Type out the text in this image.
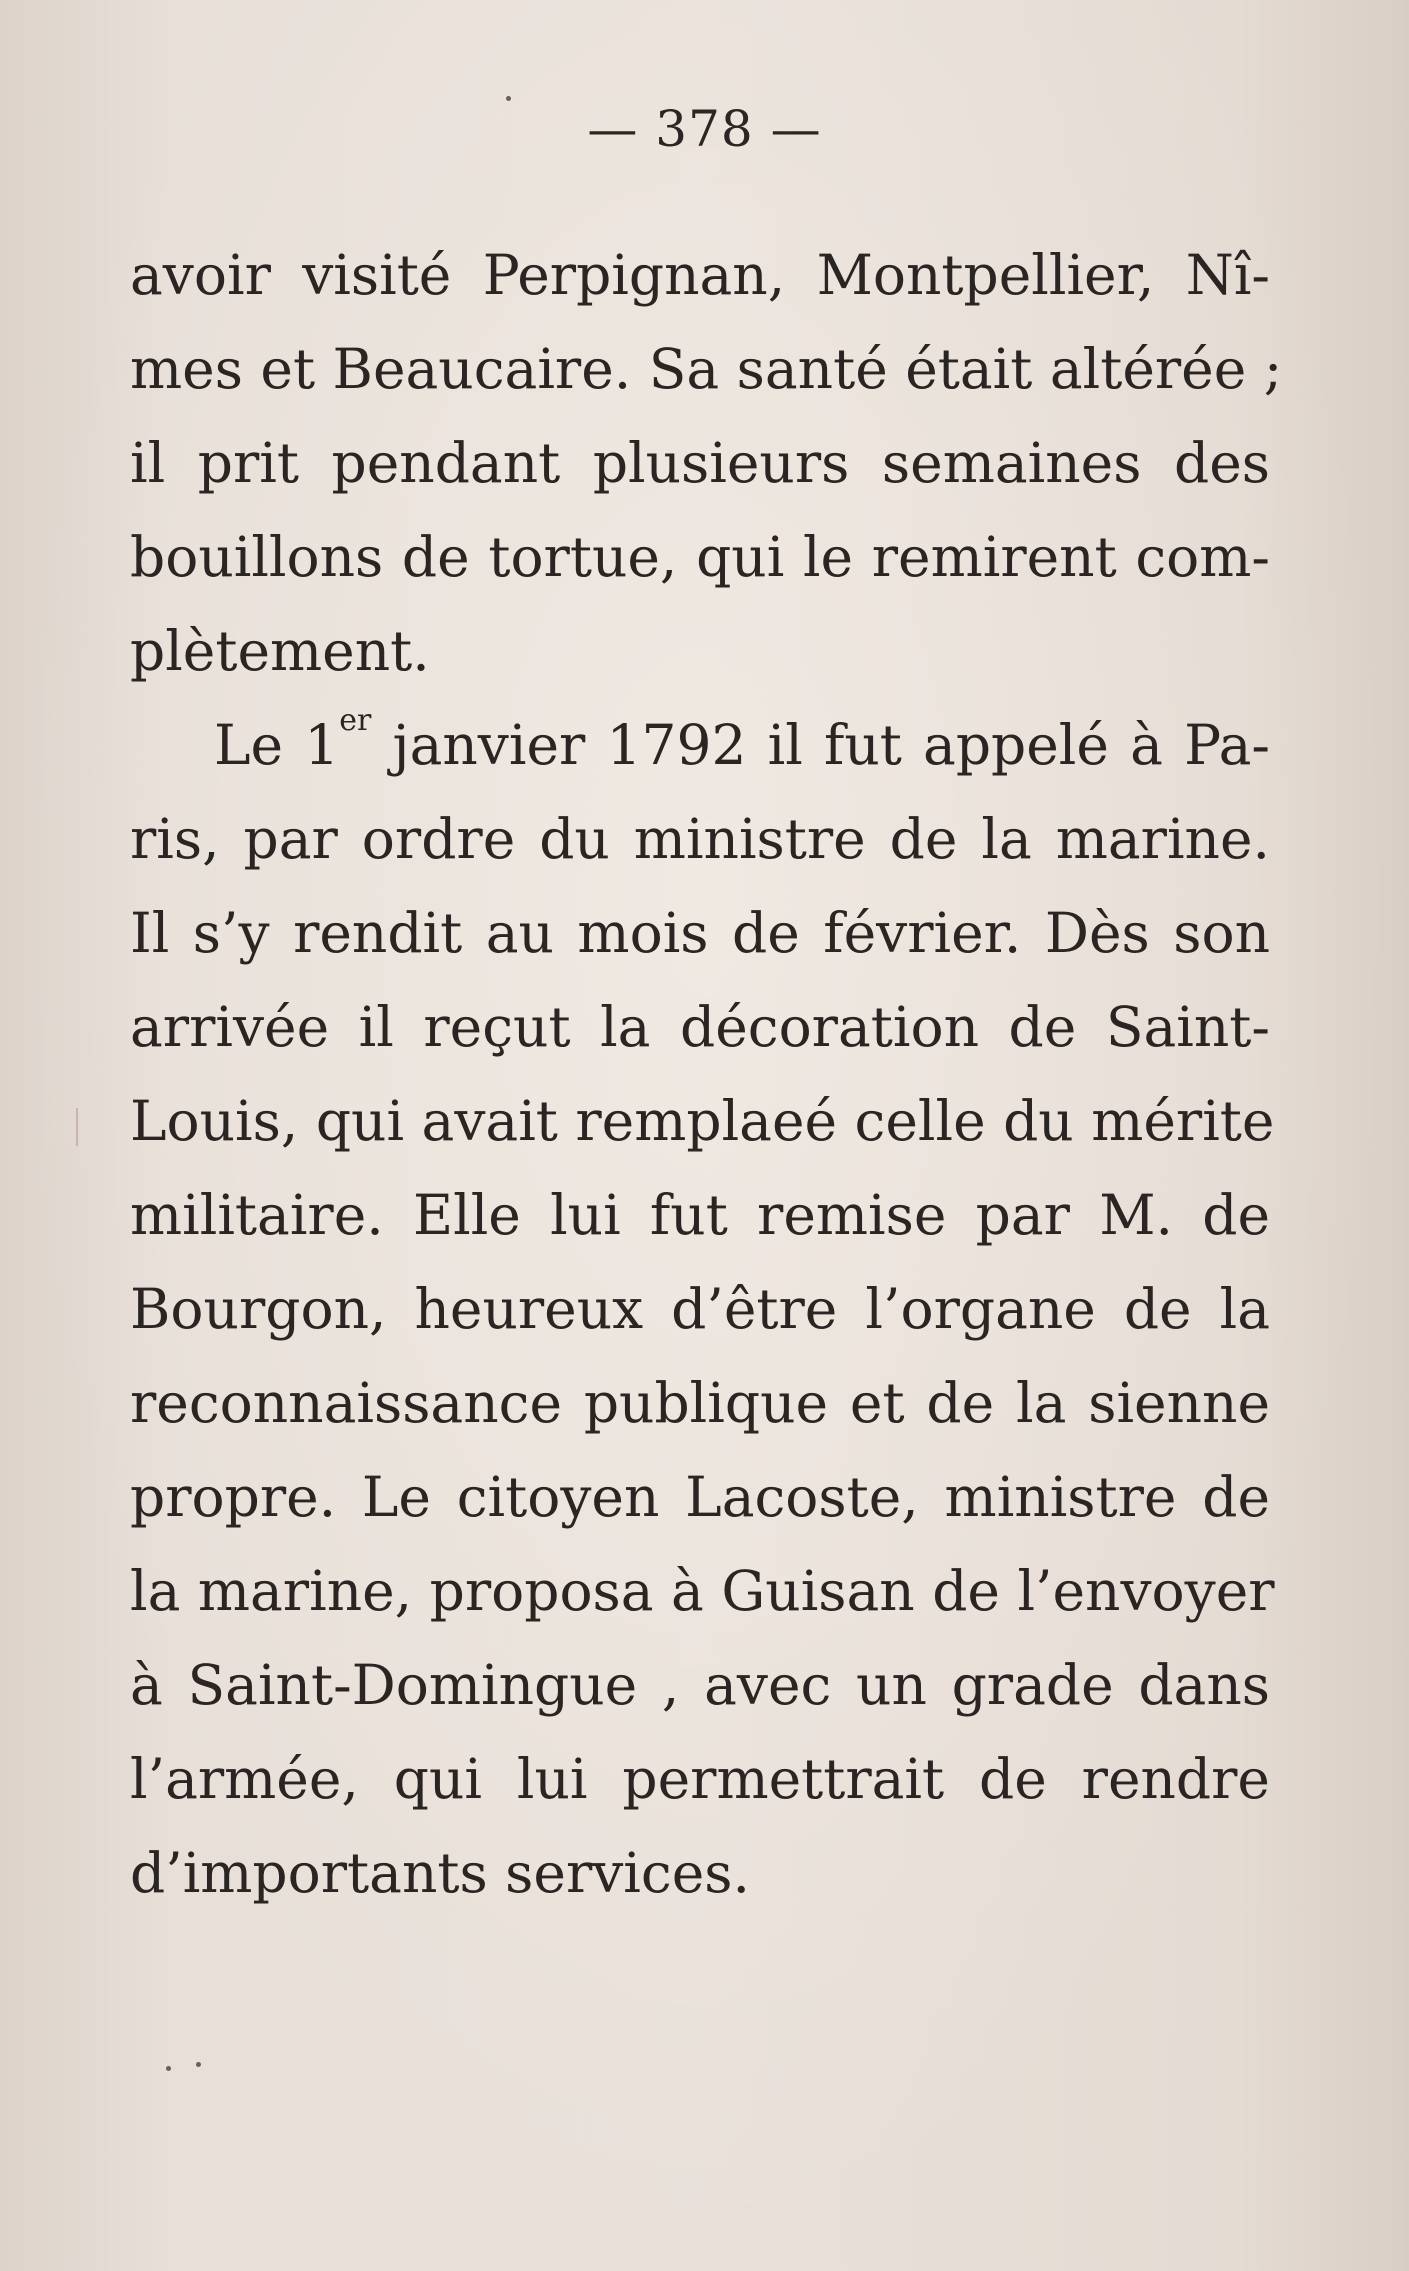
— 378 —
avoir visité Perpignan, Montpellier, Nî-
mes et Beaucaire. Sa santé était altérée ;
il prit pendant plusieurs semaines des
bouillons de tortue, qui le remirent com-
plètement.
Le 1er janvier 1792 il fut appelé à Pa-
ris, par ordre du ministre de la marine.
Il s’y rendit au mois de février. Dès son
arrivée il reçut la décoration de Saint-
Louis, qui avait remplaeé celle du mérite
militaire. Elle lui fut remise par M. de
Bourgon, heureux d’être l’organe de la
reconnaissance publique et de la sienne
propre. Le citoyen Lacoste, ministre de
la marine, proposa à Guisan de l’envoyer
à Saint-Domingue , avec un grade dans
l’armée, qui lui permettrait de rendre
d’importants services.
